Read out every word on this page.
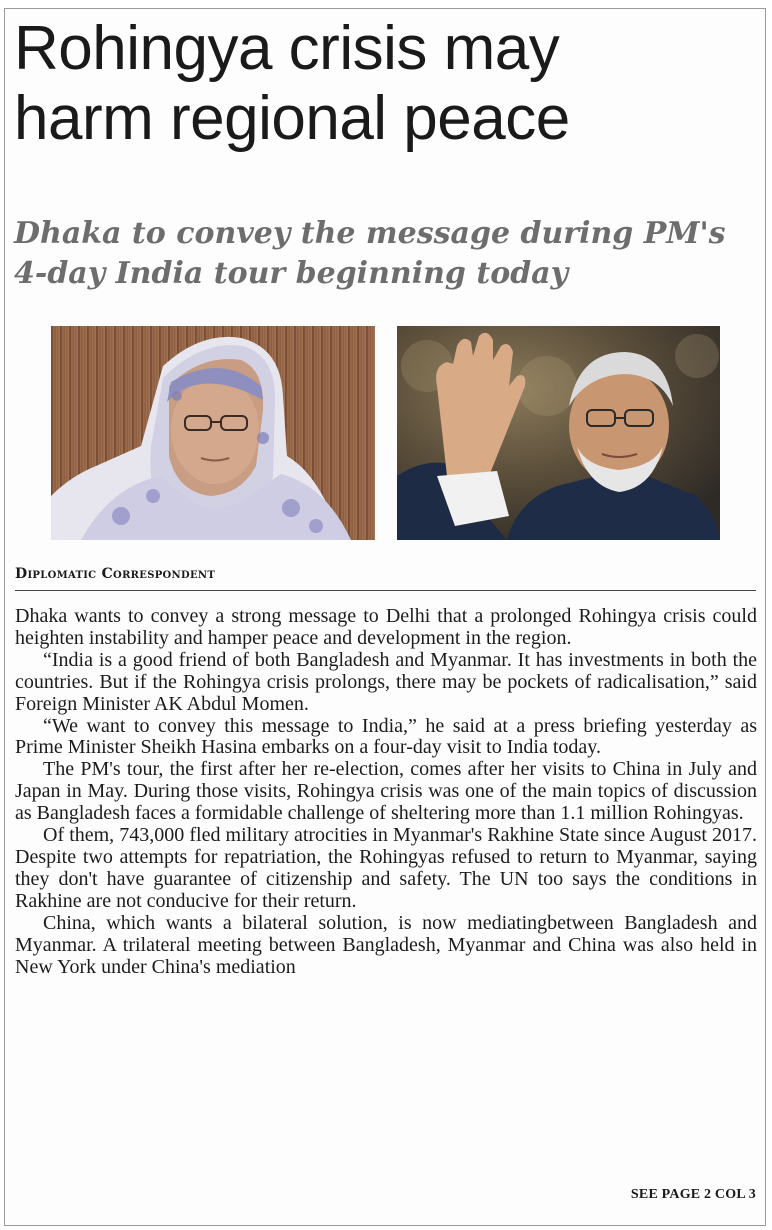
Rohingya crisis may
harm regional peace
Dhaka to convey the message during PM's
4-day India tour beginning today

Diplomatic Correspondent

Dhaka wants to convey a strong message to Delhi that a prolonged Rohingya crisis could heighten instability and hamper peace and development in the region.

“India is a good friend of both Bangladesh and Myanmar. It has investments in both the countries. But if the Rohingya crisis prolongs, there may be pockets of radicalisation,” said Foreign Minister AK Abdul Momen.

“We want to convey this message to India,” he said at a press briefing yesterday as Prime Minister Sheikh Hasina embarks on a four-day visit to India today.

The PM's tour, the first after her re-election, comes after her visits to China in July and Japan in May. During those visits, Rohingya crisis was one of the main topics of discussion as Bangladesh faces a formidable challenge of sheltering more than 1.1 million Rohingyas.

Of them, 743,000 fled military atrocities in Myanmar's Rakhine State since August 2017. Despite two attempts for repatriation, the Rohingyas refused to return to Myanmar, saying they don't have guarantee of citizenship and safety. The UN too says the conditions in Rakhine are not conducive for their return.

China, which wants a bilateral solution, is now mediatingbetween Bangladesh and Myanmar. A trilateral meeting between Bangladesh, Myanmar and China was also held in New York under China's mediation

SEE PAGE 2 COL 3
